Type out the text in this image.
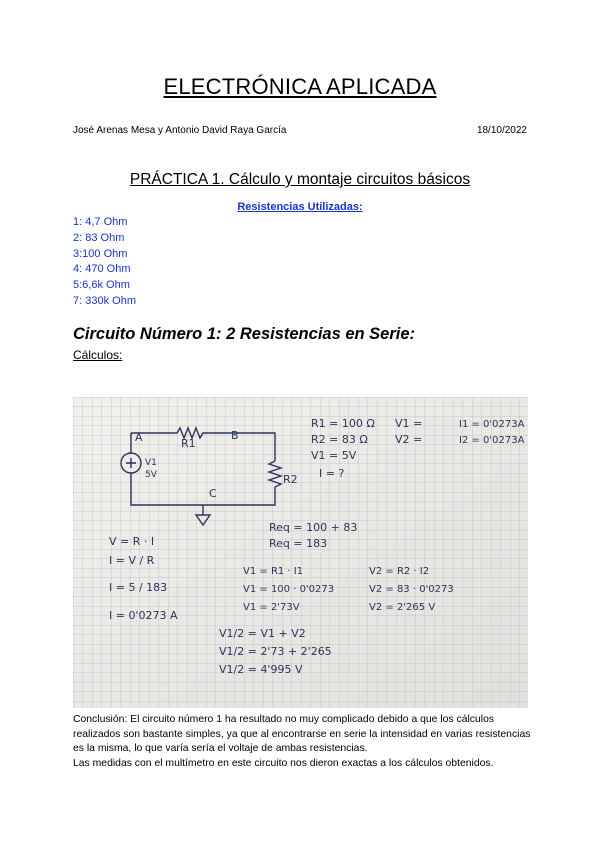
ELECTRÓNICA APLICADA
José Arenas Mesa y Antonio David Raya García	18/10/2022
PRÁCTICA 1. Cálculo y montaje circuitos básicos
Resistencias Utilizadas:
1: 4,7 Ohm
2: 83 Ohm
3:100 Ohm
4: 470 Ohm
5:6,6k Ohm
7: 330k Ohm
Circuito Número 1: 2 Resistencias en Serie:
Cálculos:
A	B
C
R1
R2
V1
5V
R1 = 100 Ω
R2 = 83 Ω
V1 = 5V
I = ?
V1 =
V2 =
I1 = 0'0273A
I2 = 0'0273A
Req = 100 + 83
Req = 183
V = R · I
I = V / R
I = 5 / 183
I = 0'0273 A
V1 = R1 · I1
V1 = 100 · 0'0273
V1 = 2'73V
V2 = R2 · I2
V2 = 83 · 0'0273
V2 = 2'265 V
V1/2 = V1 + V2
V1/2 = 2'73 + 2'265
V1/2 = 4'995 V
Conclusión: El circuito número 1 ha resultado no muy complicado debido a que los cálculos realizados son bastante simples, ya que al encontrarse en serie la intensidad en varias resistencias es la misma, lo que varía sería el voltaje de ambas resistencias.
Las medidas con el multímetro en este circuito nos dieron exactas a los cálculos obtenidos.
